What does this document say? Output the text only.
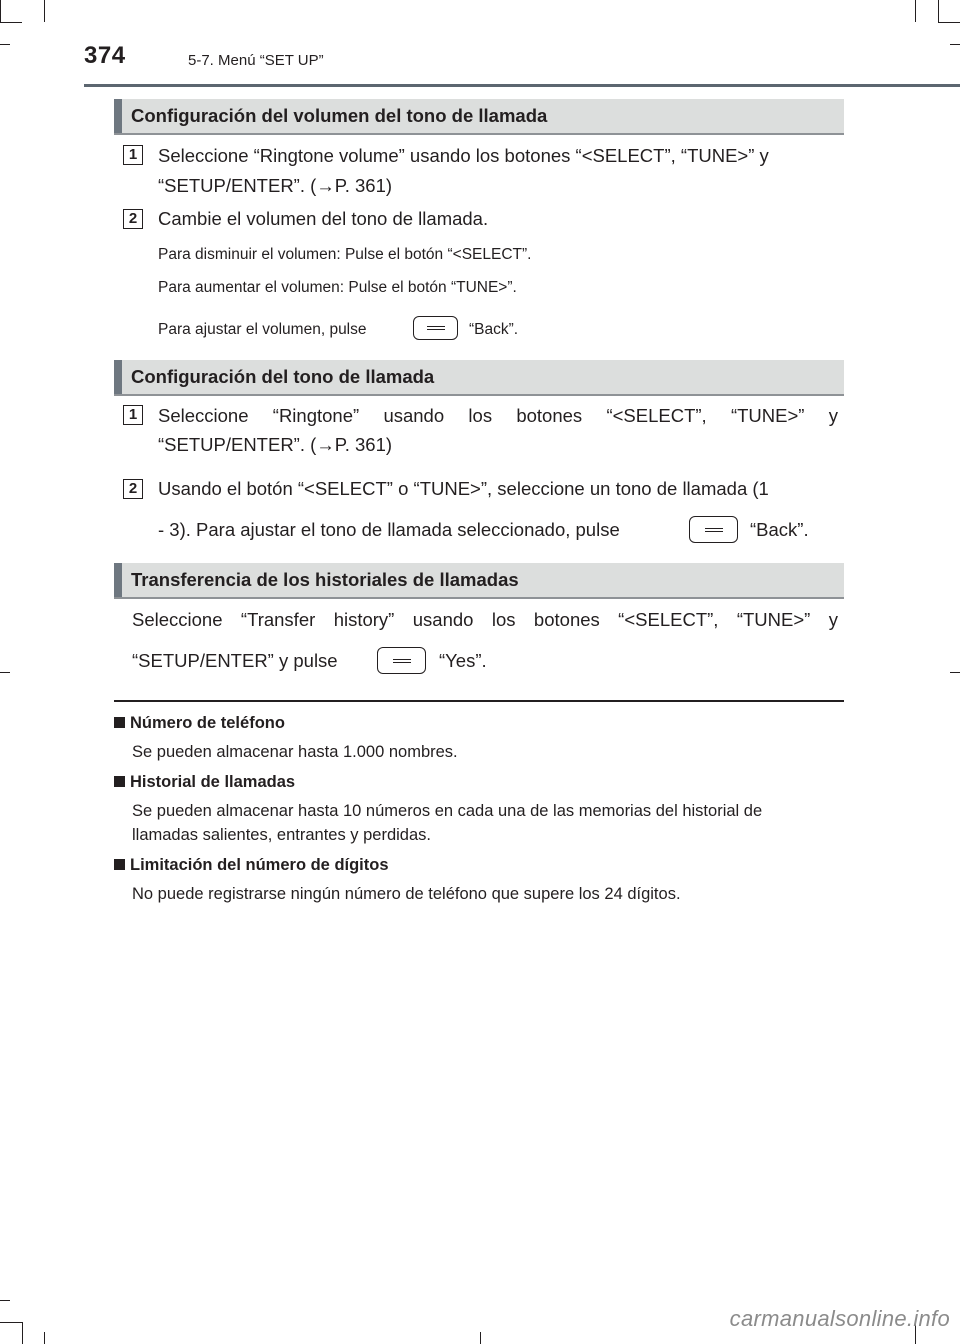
374	5-7. Menú “SET UP”
Configuración del volumen del tono de llamada
1	Seleccione “Ringtone volume” usando los botones “<SELECT”, “TUNE>” y
“SETUP/ENTER”. (→P. 361)
2	Cambie el volumen del tono de llamada.
Para disminuir el volumen: Pulse el botón “<SELECT”.
Para aumentar el volumen: Pulse el botón “TUNE>”.
Para ajustar el volumen, pulse	“Back”.
Configuración del tono de llamada
1	Seleccione “Ringtone” usando los botones “<SELECT”, “TUNE>” y
“SETUP/ENTER”. (→P. 361)
2	Usando el botón “<SELECT” o “TUNE>”, seleccione un tono de llamada (1
- 3). Para ajustar el tono de llamada seleccionado, pulse	“Back”.
Transferencia de los historiales de llamadas
Seleccione “Transfer history” usando los botones “<SELECT”, “TUNE>” y
“SETUP/ENTER” y pulse	“Yes”.
Número de teléfono
Se pueden almacenar hasta 1.000 nombres.
Historial de llamadas
Se pueden almacenar hasta 10 números en cada una de las memorias del historial de
llamadas salientes, entrantes y perdidas.
Limitación del número de dígitos
No puede registrarse ningún número de teléfono que supere los 24 dígitos.
carmanualsonline.info
